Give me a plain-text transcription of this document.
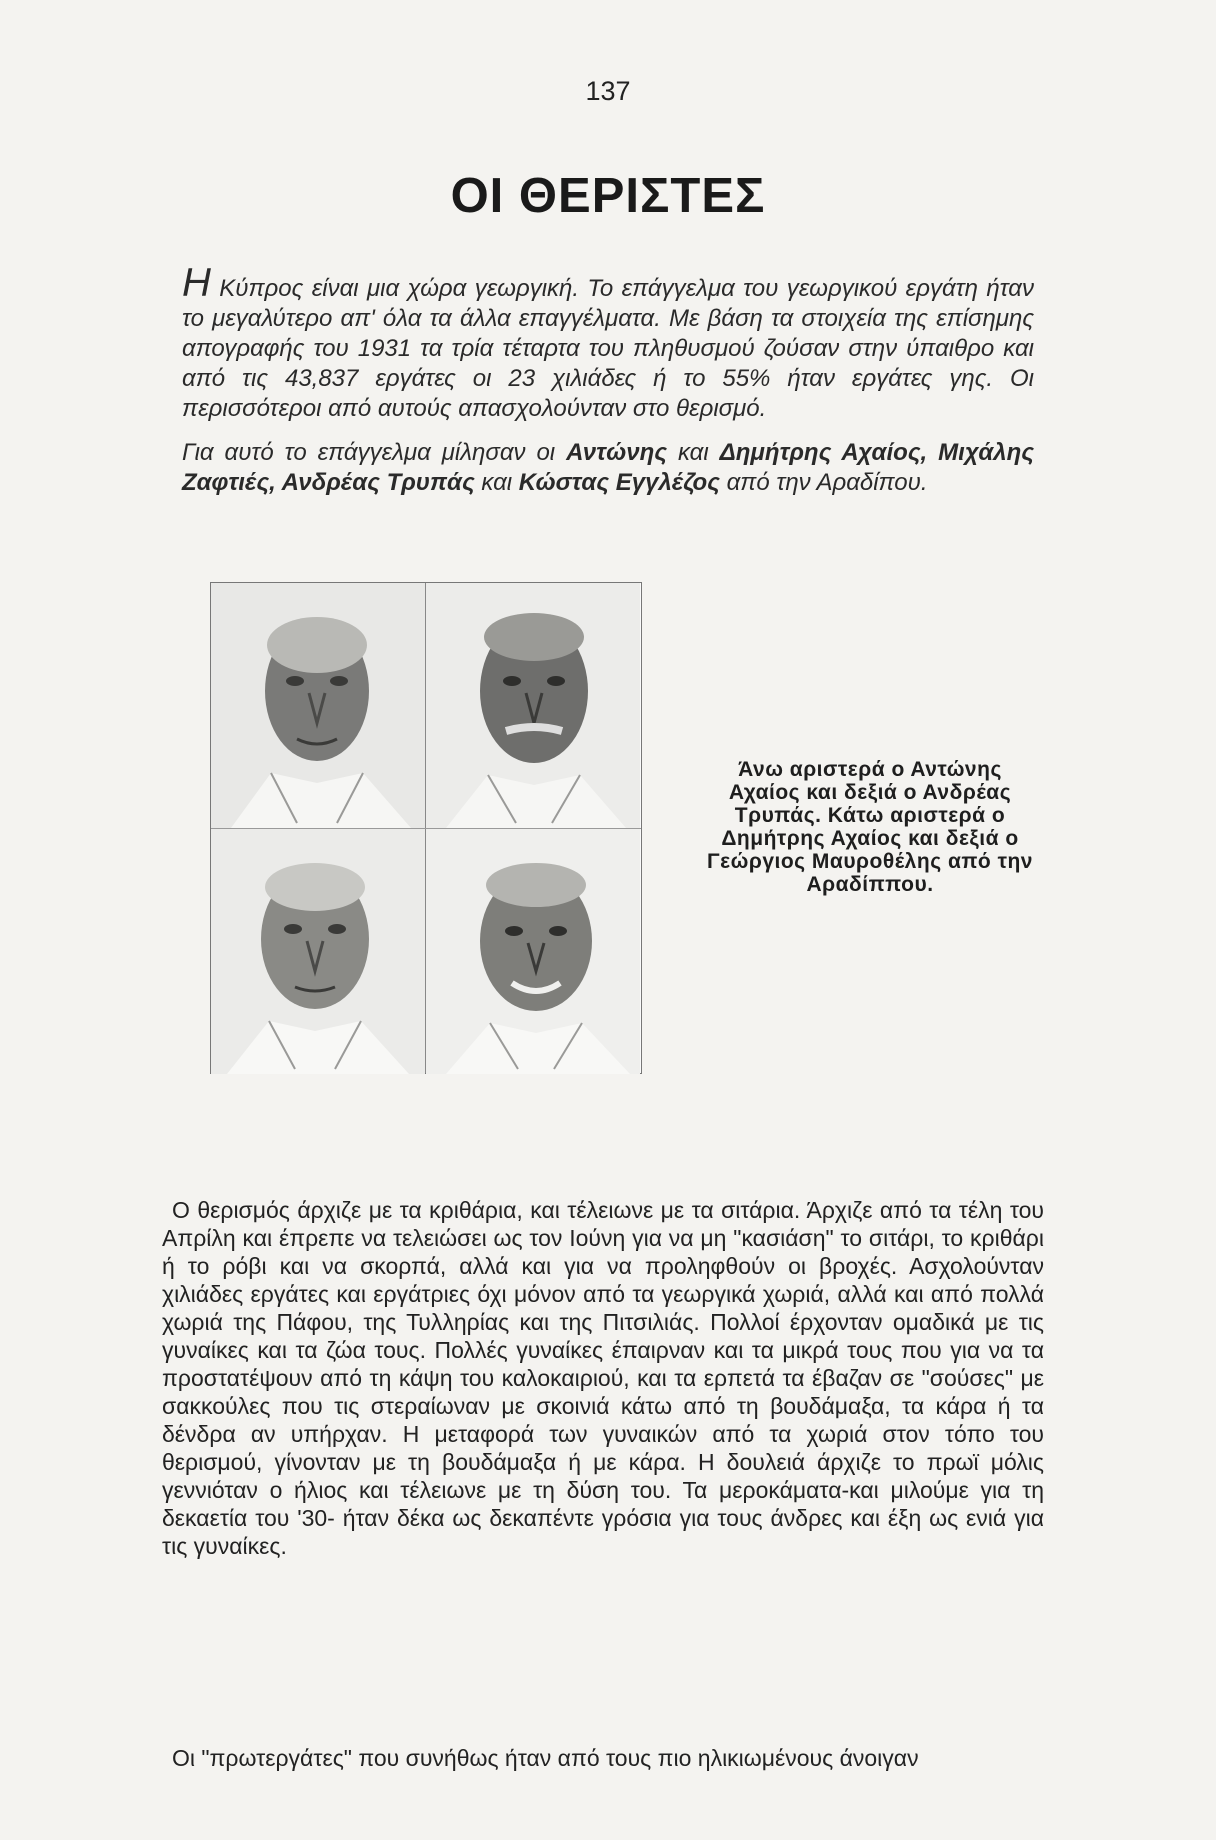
137
ΟΙ ΘΕΡΙΣΤΕΣ

Η Κύπρος είναι μια χώρα γεωργική. Το επάγγελμα του γεωργικού εργάτη ήταν το μεγαλύτερο απ' όλα τα άλλα επαγγέλματα. Με βάση τα στοιχεία της επίσημης απογραφής του 1931 τα τρία τέταρτα του πληθυσμού ζούσαν στην ύπαιθρο και από τις 43,837 εργάτες οι 23 χιλιάδες ή το 55% ήταν εργάτες γης. Οι περισσότεροι από αυτούς απασχολούνταν στο θερισμό.

Για αυτό το επάγγελμα μίλησαν οι Αντώνης και Δημήτρης Αχαίος, Μιχάλης Ζαφτιές, Ανδρέας Τρυπάς και Κώστας Εγγλέζος από την Αραδίπου.

Άνω αριστερά ο Αντώνης Αχαίος και δεξιά ο Ανδρέας Τρυπάς. Κάτω αριστερά ο Δημήτρης Αχαίος και δεξιά ο Γεώργιος Μαυροθέλης από την Αραδίππου.

Ο θερισμός άρχιζε με τα κριθάρια, και τέλειωνε με τα σιτάρια. Άρχιζε από τα τέλη του Απρίλη και έπρεπε να τελειώσει ως τον Ιούνη για να μη "κασιάση" το σιτάρι, το κριθάρι ή το ρόβι και να σκορπά, αλλά και για να προληφθούν οι βροχές. Ασχολούνταν χιλιάδες εργάτες και εργάτριες όχι μόνον από τα γεωργικά χωριά, αλλά και από πολλά χωριά της Πάφου, της Τυλληρίας και της Πιτσιλιάς. Πολλοί έρχονταν ομαδικά με τις γυναίκες και τα ζώα τους. Πολλές γυναίκες έπαιρναν και τα μικρά τους που για να τα προστατέψουν από τη κάψη του καλοκαιριού, και τα ερπετά τα έβαζαν σε "σούσες" με σακκούλες που τις στεραίωναν με σκοινιά κάτω από τη βουδάμαξα, τα κάρα ή τα δένδρα αν υπήρχαν. Η μεταφορά των γυναικών από τα χωριά στον τόπο του θερισμού, γίνονταν με τη βουδάμαξα ή με κάρα. Η δουλειά άρχιζε το πρωϊ μόλις γεννιόταν ο ήλιος και τέλειωνε με τη δύση του. Τα μεροκάματα-και μιλούμε για τη δεκαετία του '30- ήταν δέκα ως δεκαπέντε γρόσια για τους άνδρες και έξη ως ενιά για τις γυναίκες.

Οι "πρωτεργάτες" που συνήθως ήταν από τους πιο ηλικιωμένους άνοιγαν
